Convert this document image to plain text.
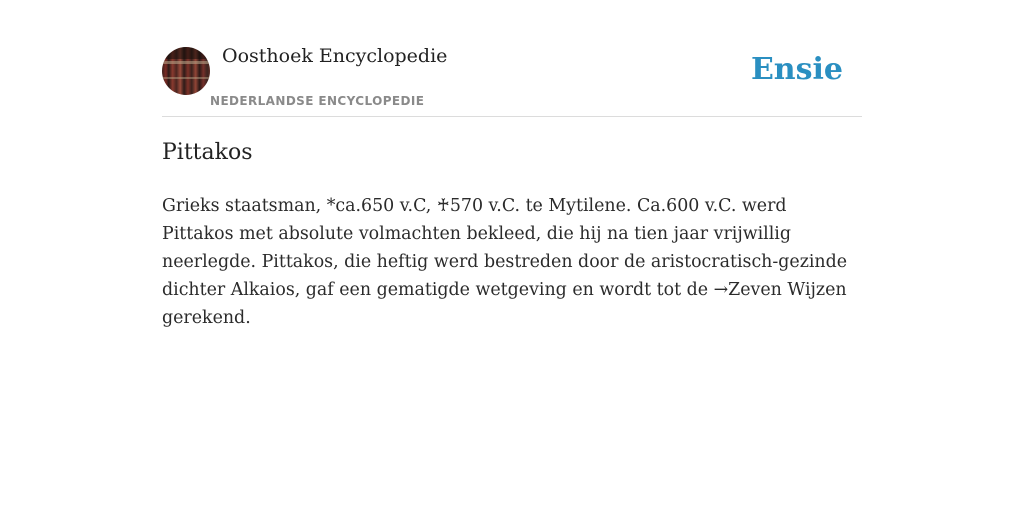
Oosthoek Encyclopedie
NEDERLANDSE ENCYCLOPEDIE
Ensie
Pittakos

Grieks staatsman, *ca.650 v.C, ♰570 v.C. te Mytilene. Ca.600 v.C. werd Pittakos met absolute volmachten bekleed, die hij na tien jaar vrijwillig neerlegde. Pittakos, die heftig werd bestreden door de aristocratisch-gezinde dichter Alkaios, gaf een gematigde wetgeving en wordt tot de →Zeven Wijzen gerekend.
